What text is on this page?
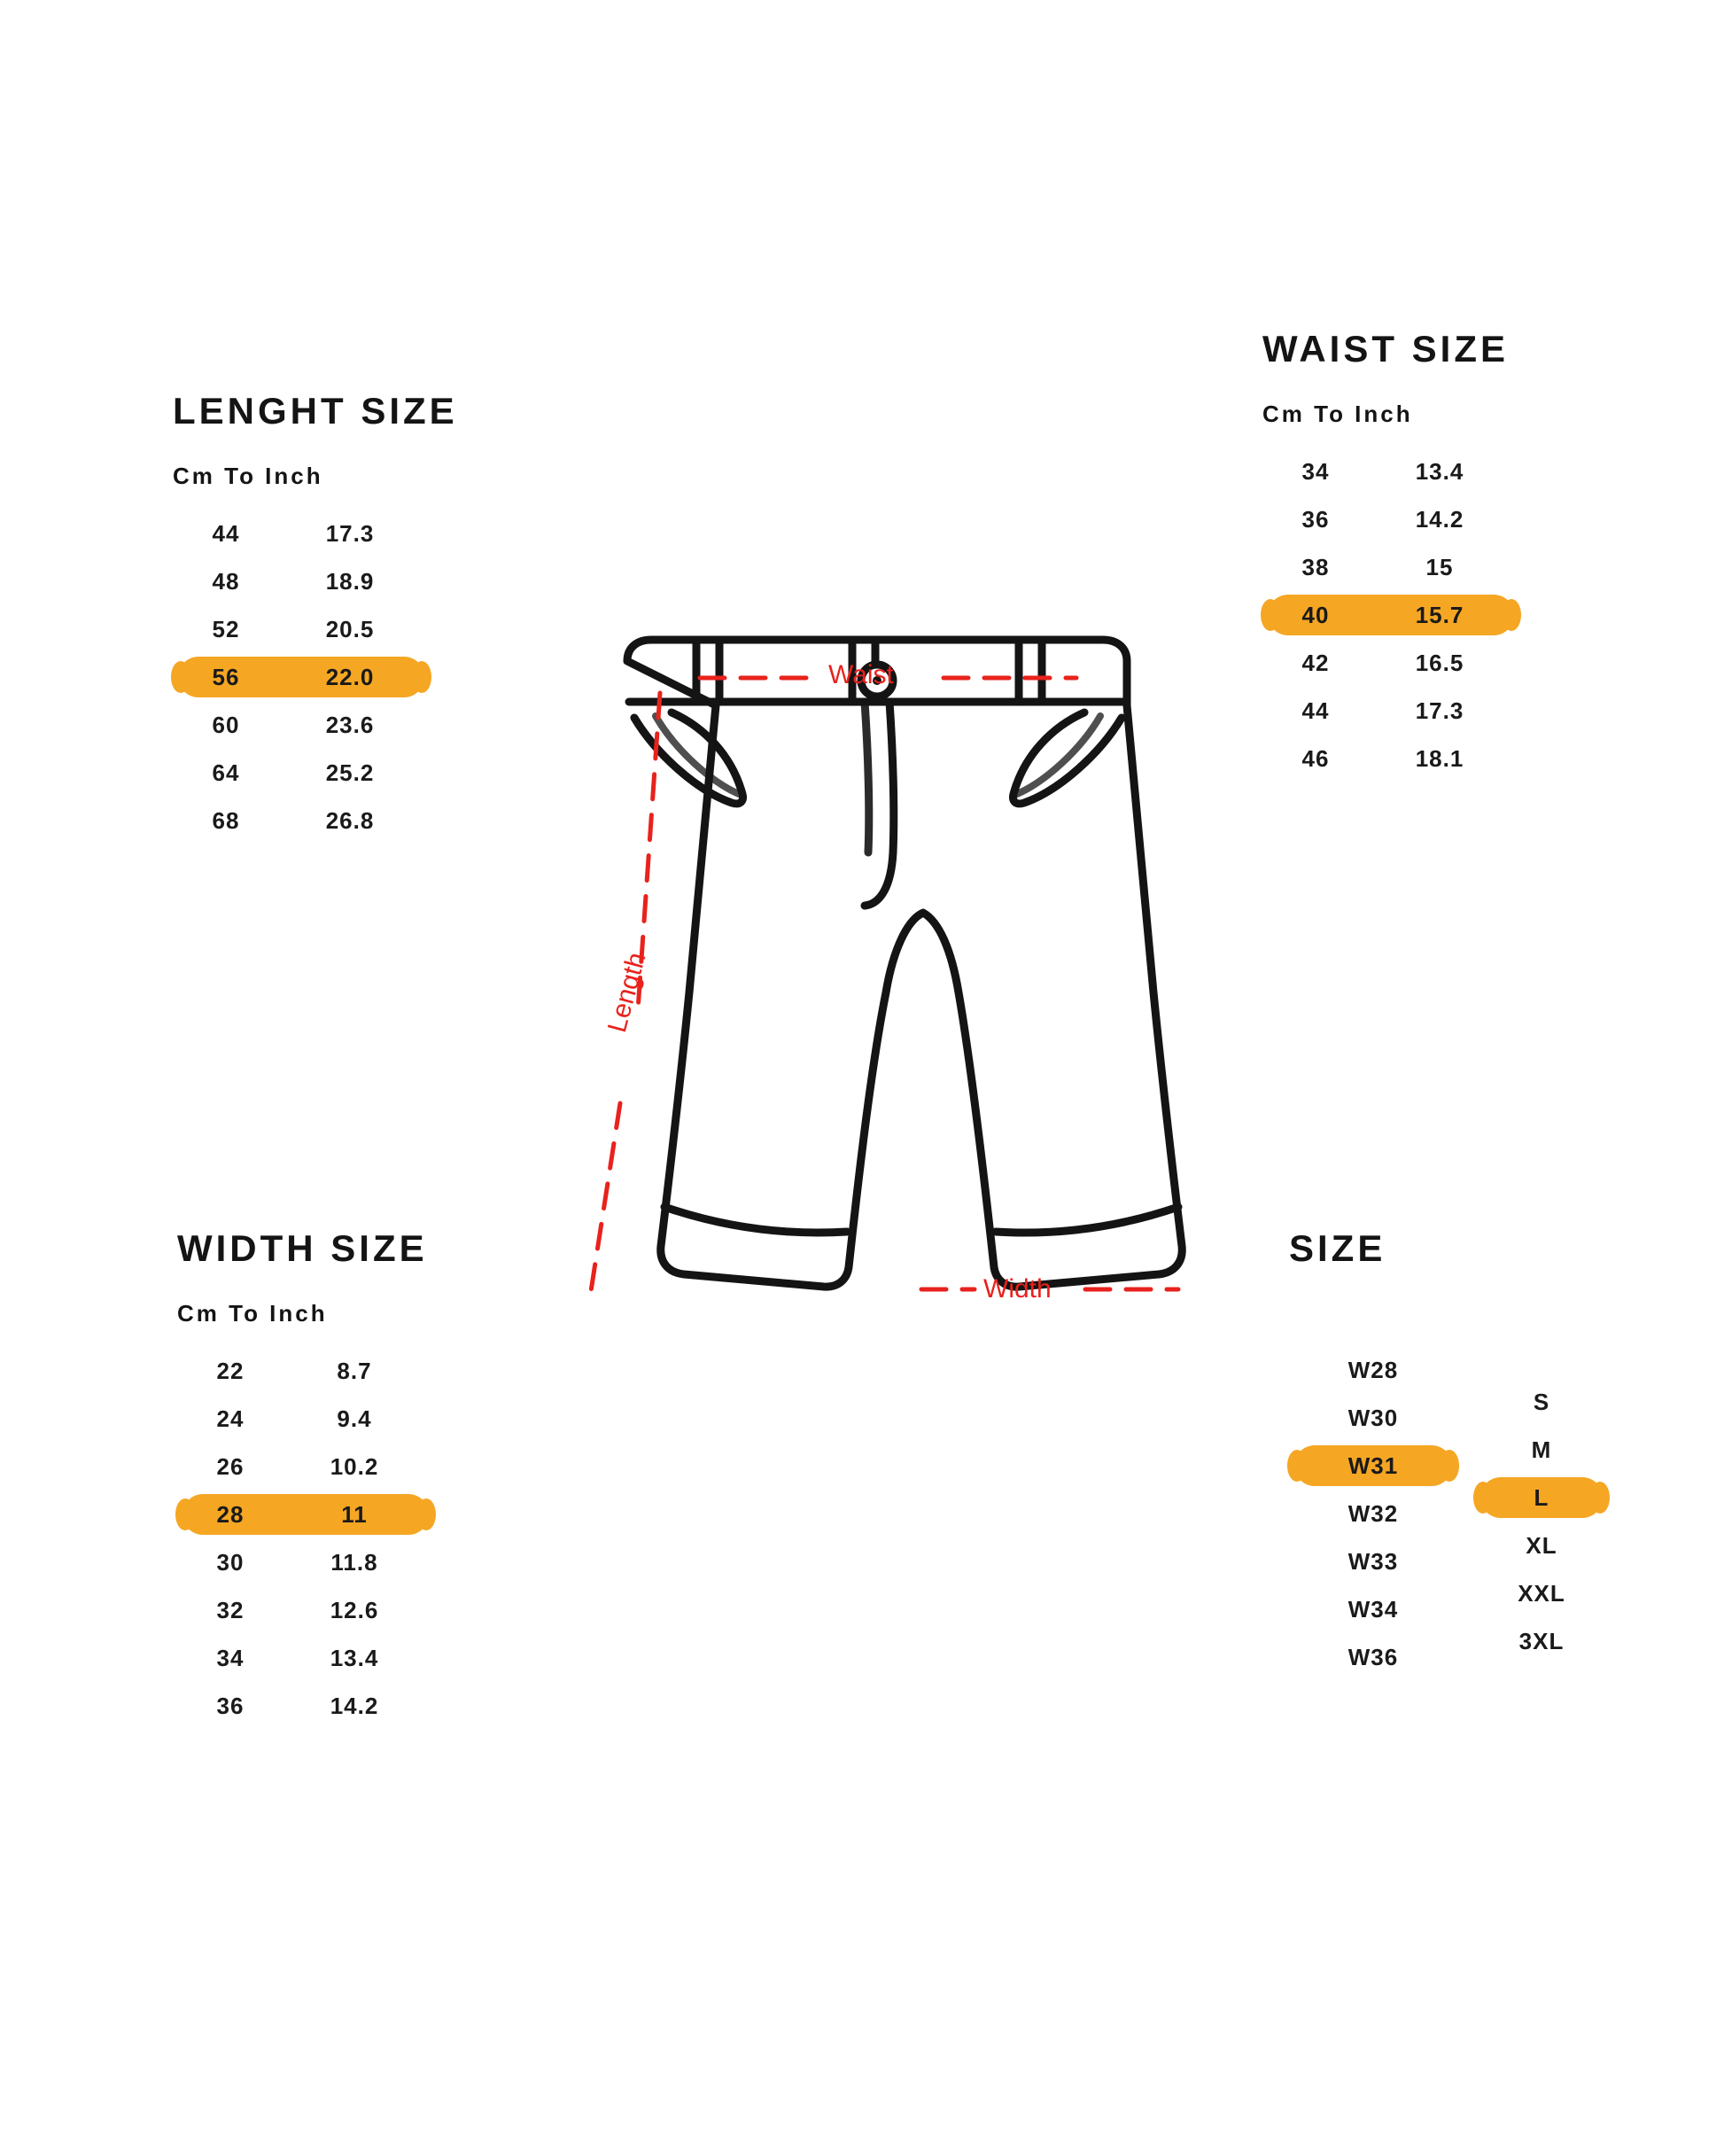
LENGHT SIZE
Cm To Inch
44	17.3
48	18.9
52	20.5
56	22.0
60	23.6
64	25.2
68	26.8
WAIST SIZE
Cm To Inch
34	13.4
36	14.2
38	15
40	15.7
42	16.5
44	17.3
46	18.1
WIDTH SIZE
Cm To Inch
22	8.7
24	9.4
26	10.2
28	11
30	11.8
32	12.6
34	13.4
36	14.2
SIZE
W28
W30
W31
W32
W33
W34
W36
S
M
L
XL
XXL
3XL
Waist
Length
Width
